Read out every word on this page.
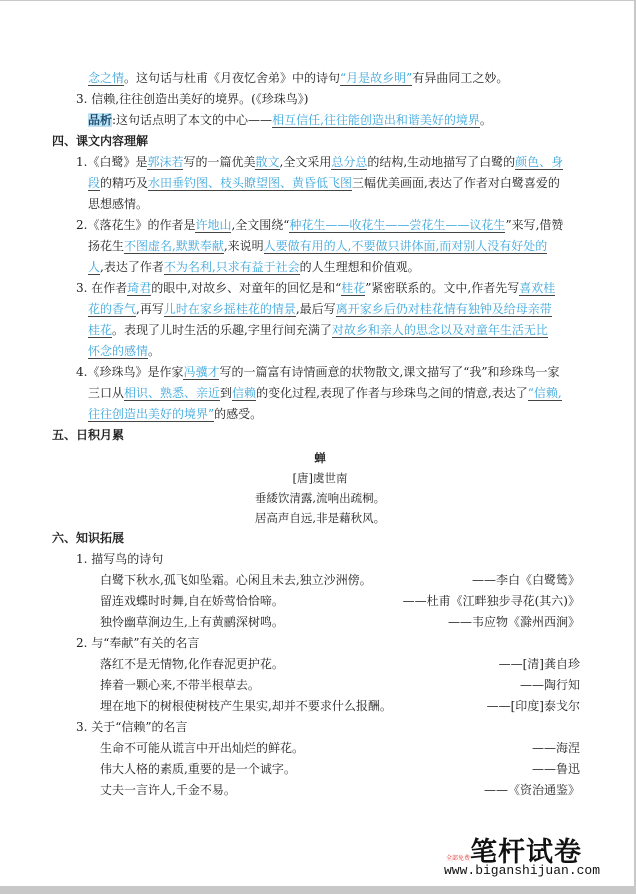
念之情。这句话与杜甫《月夜忆舍弟》中的诗句“月是故乡明”有异曲同工之妙。
3. 信赖,往往创造出美好的境界。(《珍珠鸟》)
品析:这句话点明了本文的中心——相互信任,往往能创造出和谐美好的境界。
四、课文内容理解
1.《白鹭》是郭沫若写的一篇优美散文,全文采用总分总的结构,生动地描写了白鹭的颜色、身
段的精巧及水田垂钓图、枝头瞭望图、黄昏低飞图三幅优美画面,表达了作者对白鹭喜爱的
思想感情。
2.《落花生》的作者是许地山,全文围绕“种花生——收花生——尝花生——议花生”来写,借赞
扬花生不图虚名,默默奉献,来说明人要做有用的人,不要做只讲体面,而对别人没有好处的
人,表达了作者不为名利,只求有益于社会的人生理想和价值观。
3. 在作者琦君的眼中,对故乡、对童年的回忆是和“桂花”紧密联系的。文中,作者先写喜欢桂
花的香气,再写儿时在家乡摇桂花的情景,最后写离开家乡后仍对桂花情有独钟及给母亲带
桂花。表现了儿时生活的乐趣,字里行间充满了对故乡和亲人的思念以及对童年生活无比
怀念的感情。
4.《珍珠鸟》是作家冯骥才写的一篇富有诗情画意的状物散文,课文描写了“我”和珍珠鸟一家
三口从相识、熟悉、亲近到信赖的变化过程,表现了作者与珍珠鸟之间的情意,表达了“信赖,
往往创造出美好的境界”的感受。
五、日积月累
蝉
[唐]虞世南
垂緌饮清露,流响出疏桐。
居高声自远,非是藉秋风。
六、知识拓展
1. 描写鸟的诗句
白鹭下秋水,孤飞如坠霜。心闲且未去,独立沙洲傍。	——李白《白鹭鸶》
留连戏蝶时时舞,自在娇莺恰恰啼。	——杜甫《江畔独步寻花(其六)》
独怜幽草涧边生,上有黄鹂深树鸣。	——韦应物《滁州西涧》
2. 与“奉献”有关的名言
落红不是无情物,化作春泥更护花。	——[清]龚自珍
捧着一颗心来,不带半根草去。	——陶行知
埋在地下的树根使树枝产生果实,却并不要求什么报酬。	——[印度]泰戈尔
3. 关于“信赖”的名言
生命不可能从谎言中开出灿烂的鲜花。	——海涅
伟大人格的素质,重要的是一个诚字。	——鲁迅
丈夫一言许人,千金不易。	——《资治通鉴》
笔杆试卷
全部免费
www.biganshijuan.com
